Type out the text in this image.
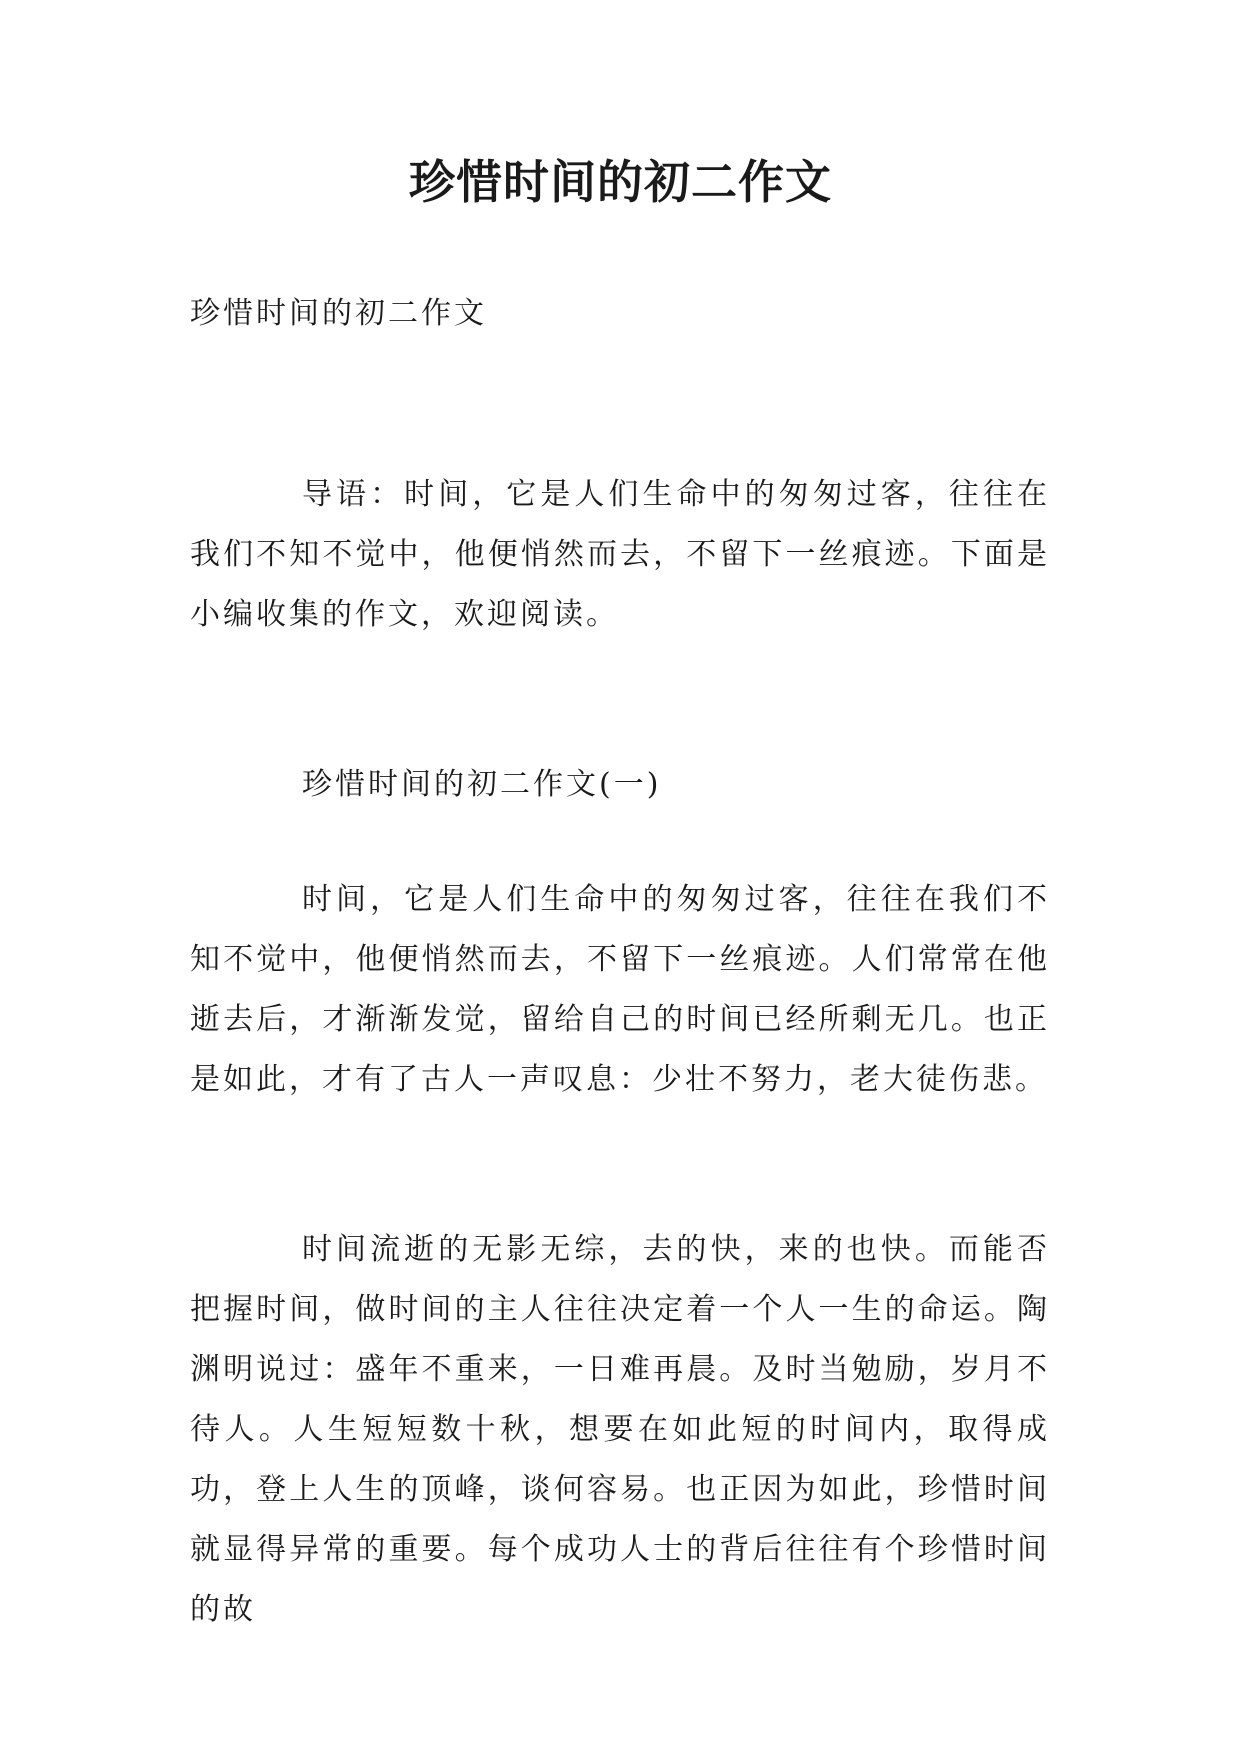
珍惜时间的初二作文

珍惜时间的初二作文

导语：时间，它是人们生命中的匆匆过客，往往在我们不知不觉中，他便悄然而去，不留下一丝痕迹。下面是小编收集的作文，欢迎阅读。

珍惜时间的初二作文(一)

时间，它是人们生命中的匆匆过客，往往在我们不知不觉中，他便悄然而去，不留下一丝痕迹。人们常常在他逝去后，才渐渐发觉，留给自己的时间已经所剩无几。也正是如此，才有了古人一声叹息：少壮不努力，老大徒伤悲。

时间流逝的无影无综，去的快，来的也快。而能否把握时间，做时间的主人往往决定着一个人一生的命运。陶渊明说过：盛年不重来，一日难再晨。及时当勉励，岁月不待人。人生短短数十秋，想要在如此短的时间内，取得成功，登上人生的顶峰，谈何容易。也正因为如此，珍惜时间就显得异常的重要。每个成功人士的背后往往有个珍惜时间的故
